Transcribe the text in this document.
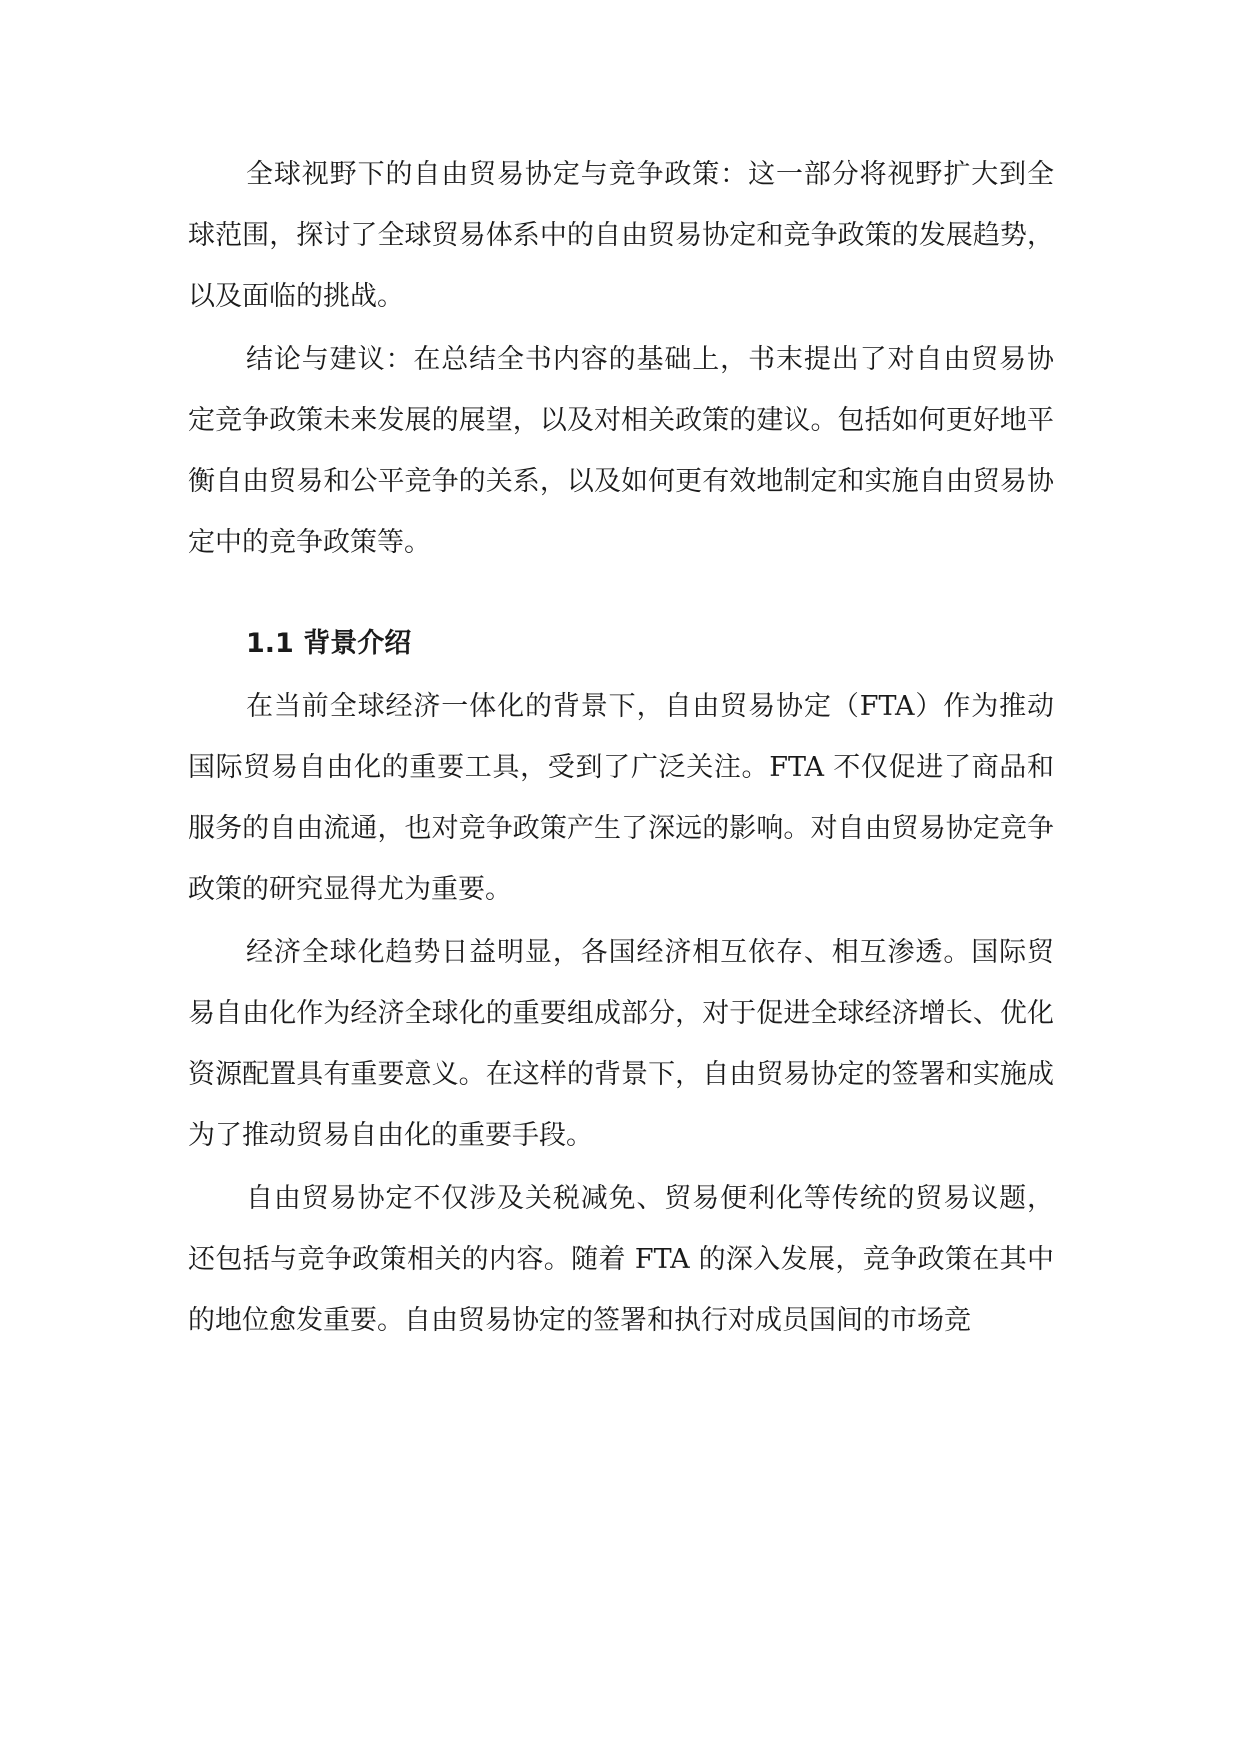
全球视野下的自由贸易协定与竞争政策：这一部分将视野扩大到全球范围，探讨了全球贸易体系中的自由贸易协定和竞争政策的发展趋势，以及面临的挑战。

结论与建议：在总结全书内容的基础上，书末提出了对自由贸易协定竞争政策未来发展的展望，以及对相关政策的建议。包括如何更好地平衡自由贸易和公平竞争的关系，以及如何更有效地制定和实施自由贸易协定中的竞争政策等。

1.1 背景介绍

在当前全球经济一体化的背景下，自由贸易协定（FTA）作为推动国际贸易自由化的重要工具，受到了广泛关注。FTA 不仅促进了商品和服务的自由流通，也对竞争政策产生了深远的影响。对自由贸易协定竞争政策的研究显得尤为重要。

经济全球化趋势日益明显，各国经济相互依存、相互渗透。国际贸易自由化作为经济全球化的重要组成部分，对于促进全球经济增长、优化资源配置具有重要意义。在这样的背景下，自由贸易协定的签署和实施成为了推动贸易自由化的重要手段。

自由贸易协定不仅涉及关税减免、贸易便利化等传统的贸易议题，还包括与竞争政策相关的内容。随着 FTA 的深入发展，竞争政策在其中的地位愈发重要。自由贸易协定的签署和执行对成员国间的市场竞
